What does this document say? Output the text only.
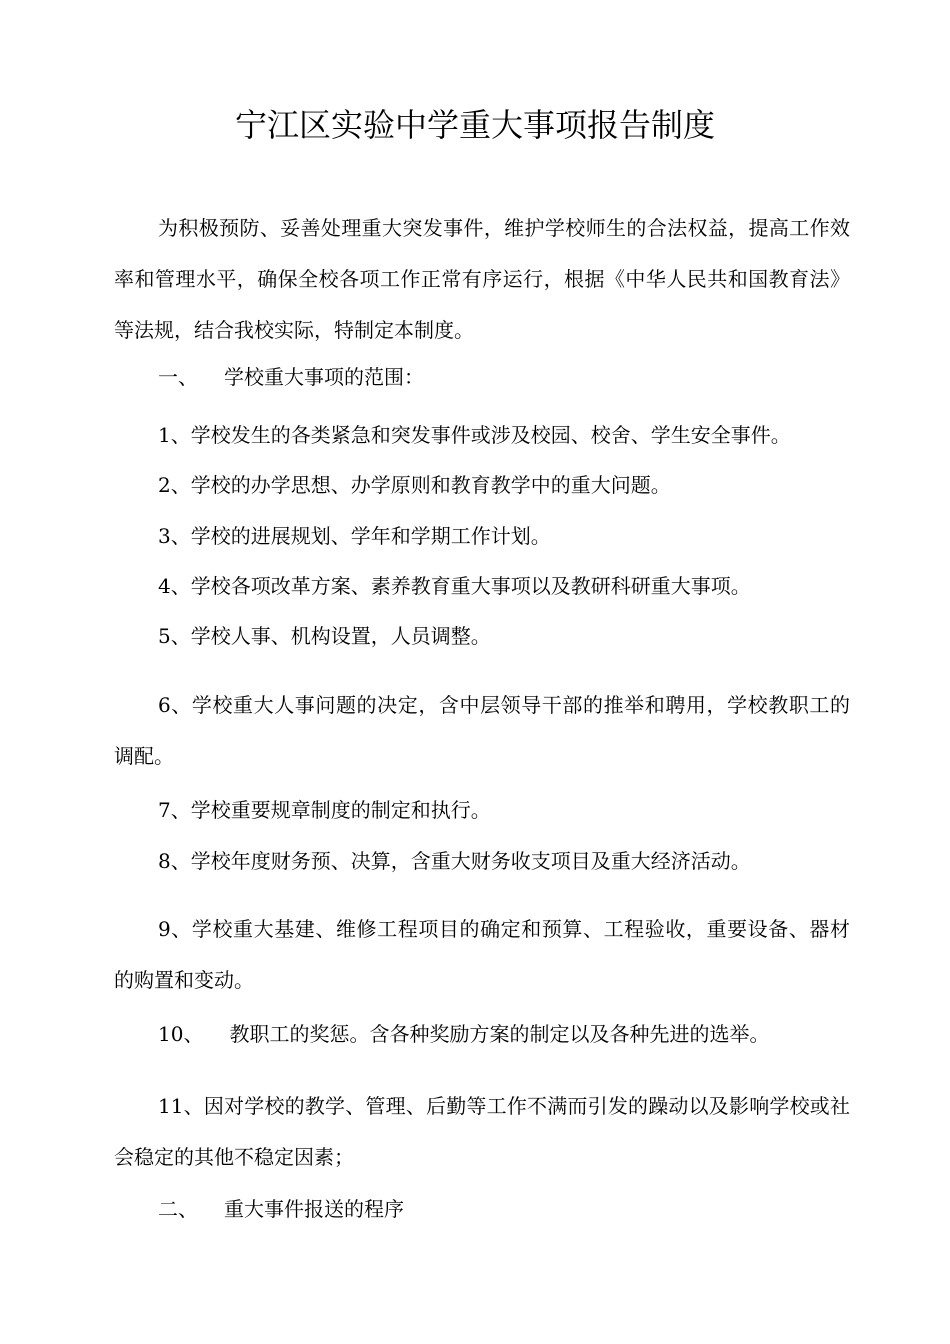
宁江区实验中学重大事项报告制度

为积极预防、妥善处理重大突发事件，维护学校师生的合法权益，提高工作效率和管理水平，确保全校各项工作正常有序运行，根据《中华人民共和国教育法》等法规，结合我校实际，特制定本制度。

一、 学校重大事项的范围：

1、学校发生的各类紧急和突发事件或涉及校园、校舍、学生安全事件。

2、学校的办学思想、办学原则和教育教学中的重大问题。

3、学校的进展规划、学年和学期工作计划。

4、学校各项改革方案、素养教育重大事项以及教研科研重大事项。

5、学校人事、机构设置，人员调整。

6、学校重大人事问题的决定，含中层领导干部的推举和聘用，学校教职工的调配。

7、学校重要规章制度的制定和执行。

8、学校年度财务预、决算，含重大财务收支项目及重大经济活动。

9、学校重大基建、维修工程项目的确定和预算、工程验收，重要设备、器材的购置和变动。

10、 教职工的奖惩。含各种奖励方案的制定以及各种先进的选举。

11、因对学校的教学、管理、后勤等工作不满而引发的躁动以及影响学校或社会稳定的其他不稳定因素；

二、 重大事件报送的程序
